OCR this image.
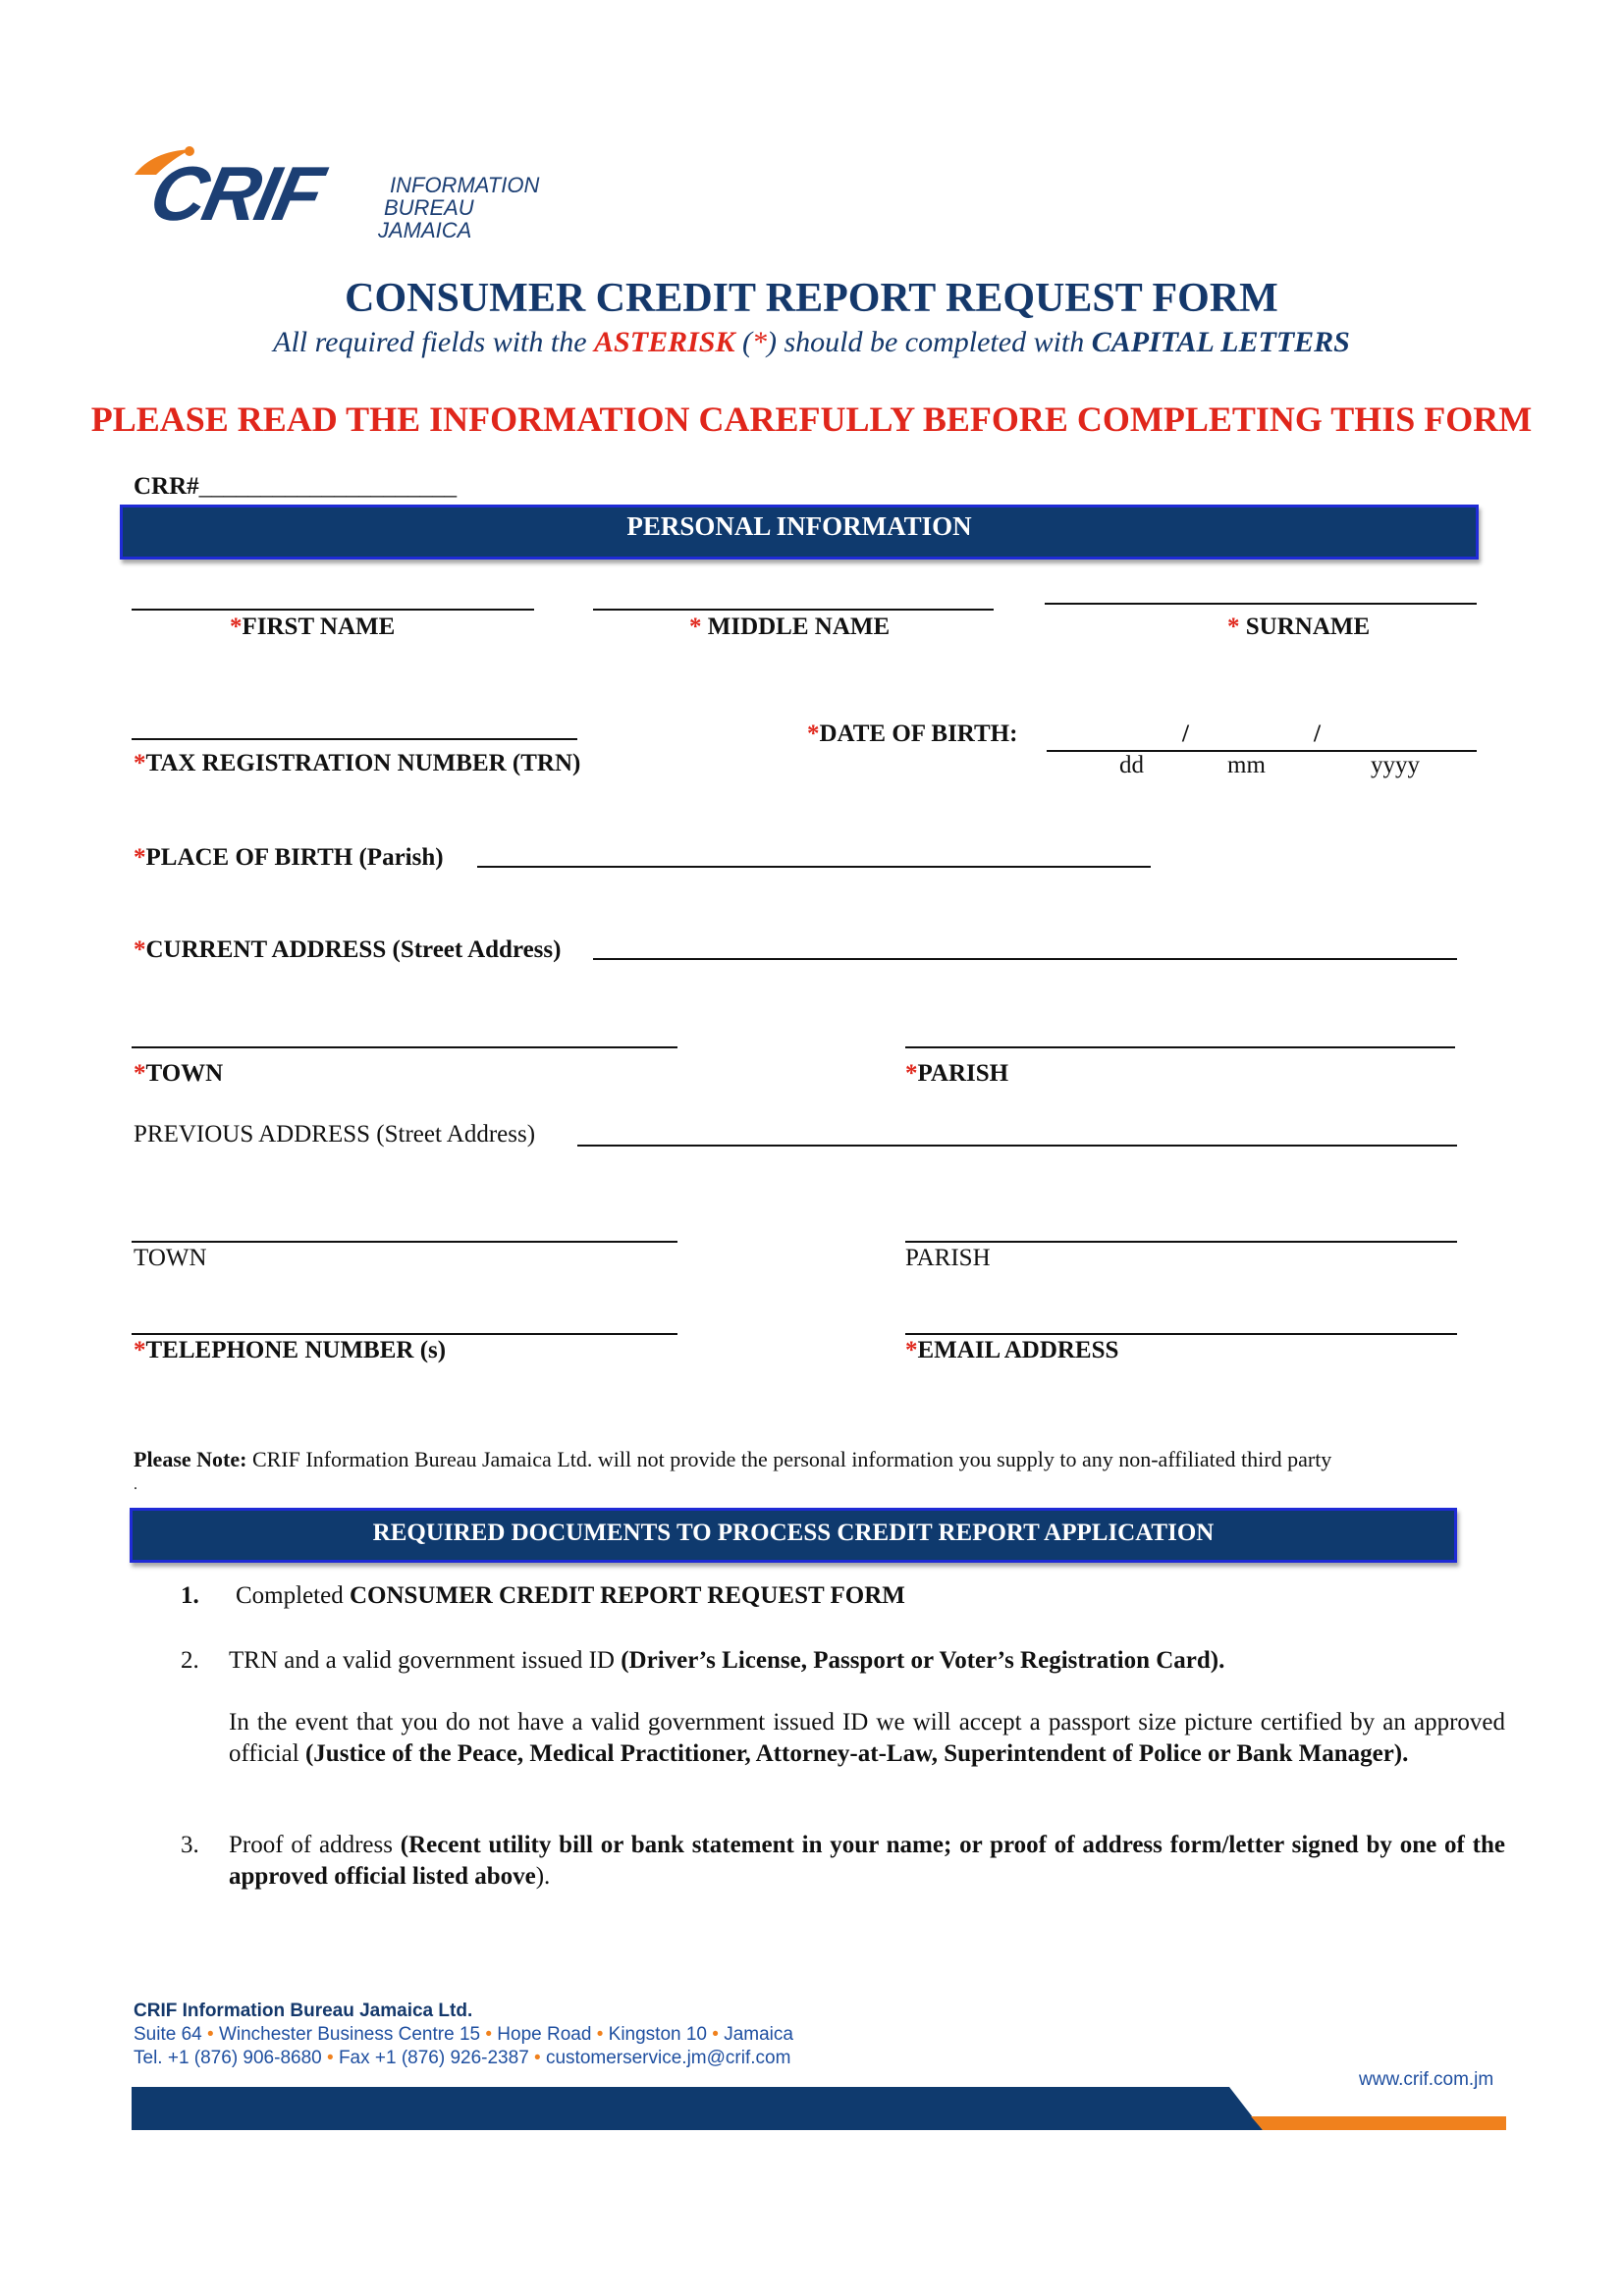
CRIF	INFORMATION
BUREAU
JAMAICA
CONSUMER CREDIT REPORT REQUEST FORM
All required fields with the ASTERISK (*) should be completed with CAPITAL LETTERS
PLEASE READ THE INFORMATION CAREFULLY BEFORE COMPLETING THIS FORM
CRR#_____________________
PERSONAL INFORMATION
*FIRST NAME	* MIDDLE NAME	* SURNAME
*TAX REGISTRATION NUMBER (TRN)
*DATE OF BIRTH:	/	/
dd	mm	yyyy
*PLACE OF BIRTH (Parish)
*CURRENT ADDRESS (Street Address)
*TOWN	*PARISH
PREVIOUS ADDRESS (Street Address)
TOWN	PARISH
*TELEPHONE NUMBER (s)	*EMAIL ADDRESS
Please Note: CRIF Information Bureau Jamaica Ltd. will not provide the personal information you supply to any non-affiliated third party
.
REQUIRED DOCUMENTS TO PROCESS CREDIT REPORT APPLICATION
1. Completed CONSUMER CREDIT REPORT REQUEST FORM
2. TRN and a valid government issued ID (Driver’s License, Passport or Voter’s Registration Card).
In the event that you do not have a valid government issued ID we will accept a passport size picture certified by an approved official (Justice of the Peace, Medical Practitioner, Attorney-at-Law, Superintendent of Police or Bank Manager).
3. Proof of address (Recent utility bill or bank statement in your name; or proof of address form/letter signed by one of the approved official listed above).
CRIF Information Bureau Jamaica Ltd.
Suite 64 • Winchester Business Centre 15 • Hope Road • Kingston 10 • Jamaica
Tel. +1 (876) 906-8680 • Fax +1 (876) 926-2387 • customerservice.jm@crif.com
www.crif.com.jm
